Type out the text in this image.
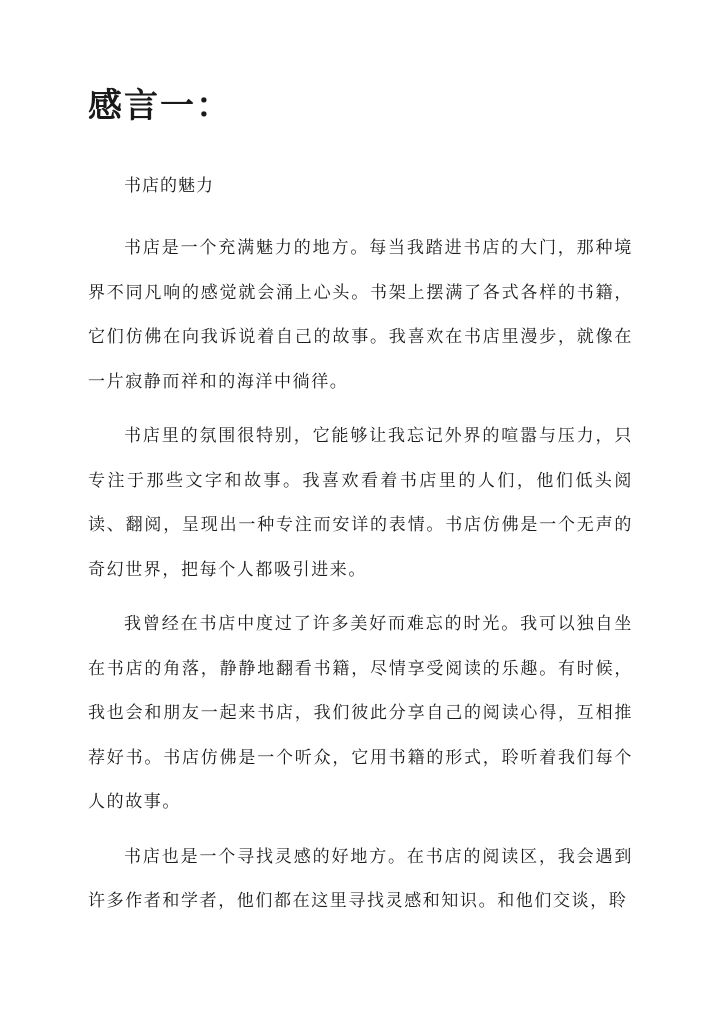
感言一：

书店的魅力

书店是一个充满魅力的地方。每当我踏进书店的大门，那种境界不同凡响的感觉就会涌上心头。书架上摆满了各式各样的书籍，它们仿佛在向我诉说着自己的故事。我喜欢在书店里漫步，就像在一片寂静而祥和的海洋中徜徉。

书店里的氛围很特别，它能够让我忘记外界的喧嚣与压力，只专注于那些文字和故事。我喜欢看着书店里的人们，他们低头阅读、翻阅，呈现出一种专注而安详的表情。书店仿佛是一个无声的奇幻世界，把每个人都吸引进来。

我曾经在书店中度过了许多美好而难忘的时光。我可以独自坐在书店的角落，静静地翻看书籍，尽情享受阅读的乐趣。有时候，我也会和朋友一起来书店，我们彼此分享自己的阅读心得，互相推荐好书。书店仿佛是一个听众，它用书籍的形式，聆听着我们每个人的故事。

书店也是一个寻找灵感的好地方。在书店的阅读区，我会遇到许多作者和学者，他们都在这里寻找灵感和知识。和他们交谈，聆
